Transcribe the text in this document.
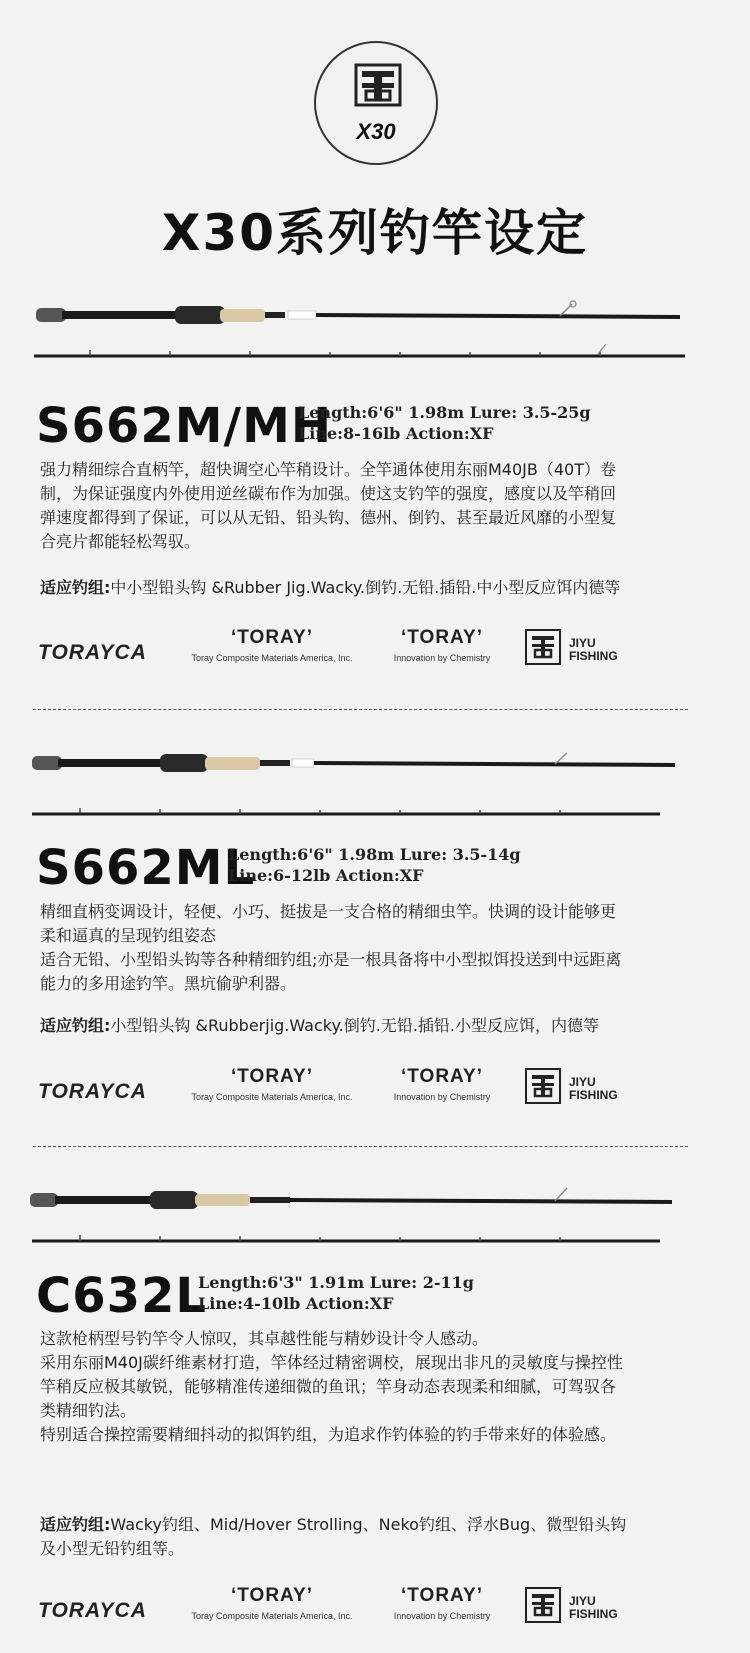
X30
X30系列钓竿设定
S662M/MH
Length:6'6" 1.98m Lure: 3.5-25g
Line:8-16lb Action:XF

强力精细综合直柄竿，超快调空心竿稍设计。全竿通体使用东丽M40JB（40T）卷

制，为保证强度内外使用逆丝碳布作为加强。使这支钓竿的强度，感度以及竿稍回

弹速度都得到了保证，可以从无铅、铅头钩、德州、倒钓、甚至最近风靡的小型复

合亮片都能轻松驾驭。

适应钓组:中小型铅头钩 &Rubber Jig.Wacky.倒钓.无铅.插铅.中小型反应饵内德等
TORAYCA
ʻTORAYʼ
Toray Composite Materials America, Inc.
ʻTORAYʼ
Innovation by Chemistry
JIYU
FISHING
S662ML
Length:6'6" 1.98m Lure: 3.5-14g
Line:6-12lb Action:XF

精细直柄变调设计，轻便、小巧、挺拔是一支合格的精细虫竿。快调的设计能够更

柔和逼真的呈现钓组姿态

适合无铅、小型铅头钩等各种精细钓组;亦是一根具备将中小型拟饵投送到中远距离

能力的多用途钓竿。黑坑偷驴利器。

适应钓组:小型铅头钩 &Rubberjig.Wacky.倒钓.无铅.插铅.小型反应饵，内德等
TORAYCA
ʻTORAYʼ
Toray Composite Materials America, Inc.
ʻTORAYʼ
Innovation by Chemistry
JIYU
FISHING
C632L
Length:6'3" 1.91m Lure: 2-11g
Line:4-10lb Action:XF

这款枪柄型号钓竿令人惊叹，其卓越性能与精妙设计令人感动。

采用东丽M40J碳纤维素材打造，竿体经过精密调校，展现出非凡的灵敏度与操控性

竿稍反应极其敏锐，能够精准传递细微的鱼讯；竿身动态表现柔和细腻，可驾驭各

类精细钓法。

特别适合操控需要精细抖动的拟饵钓组，为追求作钓体验的钓手带来好的体验感。

适应钓组:Wacky钓组、Mid/Hover Strolling、Neko钓组、浮水Bug、微型铅头钩
及小型无铅钓组等。
TORAYCA
ʻTORAYʼ
Toray Composite Materials America, Inc.
ʻTORAYʼ
Innovation by Chemistry
JIYU
FISHING
